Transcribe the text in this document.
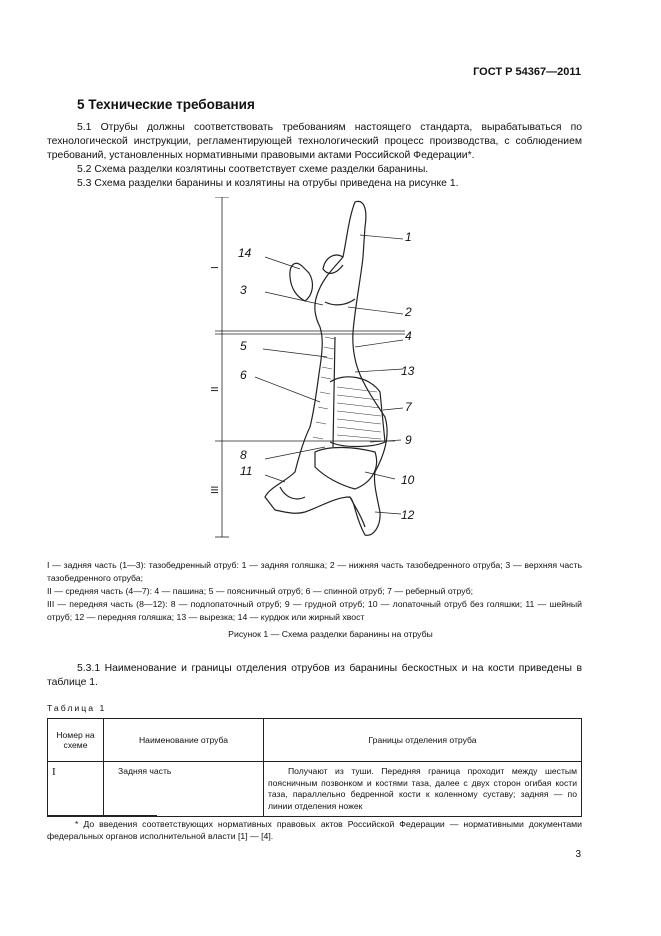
ГОСТ Р 54367—2011
5 Технические требования
5.1 Отрубы должны соответствовать требованиям настоящего стандарта, вырабатываться по технологической инструкции, регламентирующей технологический процесс производства, с соблюдением требований, установленных нормативными правовыми актами Российской Федерации*.
5.2 Схема разделки козлятины соответствует схеме разделки баранины.
5.3 Схема разделки баранины и козлятины на отрубы приведена на рисунке 1.
I
II
III
1
2
3
4
5
6
7
8
9
10
11
12
13
14
I — задняя часть (1—3): тазобедренный отруб: 1 — задняя голяшка; 2 — нижняя часть тазобедренного отруба; 3 — верхняя часть тазобедренного отруба;
II — средняя часть (4—7): 4 — пашина; 5 — поясничный отруб; 6 — спинной отруб; 7 — реберный отруб;
III — передняя часть (8—12): 8 — подлопаточный отруб; 9 — грудной отруб; 10 — лопаточный отруб без голяшки; 11 — шейный отруб; 12 — передняя голяшка; 13 — вырезка; 14 — курдюк или жирный хвост
Рисунок 1 — Схема разделки баранины на отрубы
5.3.1 Наименование и границы отделения отрубов из баранины бескостных и на кости приведены в таблице 1.
Таблица 1
Номер на схеме	Наименование отруба	Границы отделения отруба
I	Задняя часть	Получают из туши. Передняя граница проходит между шестым поясничным позвонком и костями таза, далее с двух сторон огибая кости таза, параллельно бедренной кости к коленному суставу; задняя — по линии отделения ножек
* До введения соответствующих нормативных правовых актов Российской Федерации — нормативными документами федеральных органов исполнительной власти [1] — [4].
3
